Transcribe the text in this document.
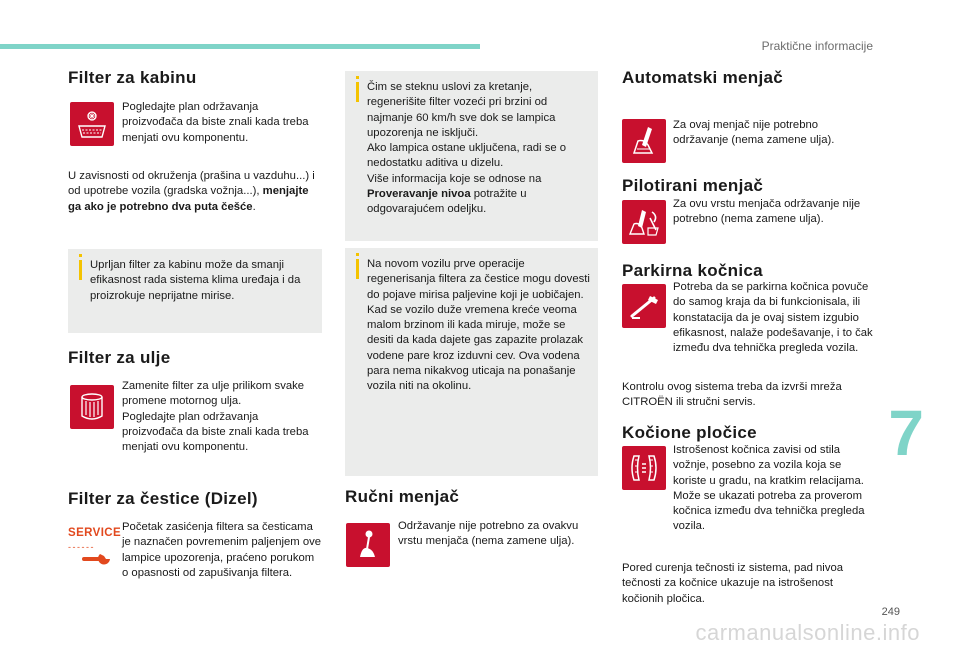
Praktične informacije
Filter za kabinu
Pogledajte plan održavanja proizvođača da biste znali kada treba menjati ovu komponentu.
U zavisnosti od okruženja (prašina u vazduhu...) i od upotrebe vozila (gradska vožnja...), menjajte ga ako je potrebno dva puta češće.
Uprljan filter za kabinu može da smanji efikasnost rada sistema klima uređaja i da proizrokuje neprijatne mirise.
Filter za ulje
Zamenite filter za ulje prilikom svake promene motornog ulja.
Pogledajte plan održavanja proizvođača da biste znali kada treba menjati ovu komponentu.
Filter za čestice (Dizel)
SERVICE
------
Početak zasićenja filtera sa česticama je naznačen povremenim paljenjem ove lampice upozorenja, praćeno porukom o opasnosti od zapušivanja filtera.
Čim se steknu uslovi za kretanje, regenerišite filter vozeći pri brzini od najmanje 60 km/h sve dok se lampica upozorenja ne isključi.
Ako lampica ostane uključena, radi se o nedostatku aditiva u dizelu.
Više informacija koje se odnose na Proveravanje nivoa potražite u odgovarajućem odeljku.
Na novom vozilu prve operacije regenerisanja filtera za čestice mogu dovesti do pojave mirisa paljevine koji je uobičajen.
Kad se vozilo duže vremena kreće veoma malom brzinom ili kada miruje, može se desiti da kada dajete gas zapazite prolazak vodene pare kroz izduvni cev. Ova vodena para nema nikakvog uticaja na ponašanje vozila niti na okolinu.
Ručni menjač
Održavanje nije potrebno za ovakvu vrstu menjača (nema zamene ulja).
Automatski menjač
Za ovaj menjač nije potrebno održavanje (nema zamene ulja).
Pilotirani menjač
Za ovu vrstu menjača održavanje nije potrebno (nema zamene ulja).
Parkirna kočnica
Potreba da se parkirna kočnica povuče do samog kraja da bi funkcionisala, ili konstatacija da je ovaj sistem izgubio efikasnost, nalaže podešavanje, i to čak između dva tehnička pregleda vozila.
Kontrolu ovog sistema treba da izvrši mreža CITROËN ili stručni servis.
Kočione pločice
Istrošenost kočnica zavisi od stila vožnje, posebno za vozila koja se koriste u gradu, na kratkim relacijama. Može se ukazati potreba za proverom kočnica između dva tehnička pregleda vozila.
Pored curenja tečnosti iz sistema, pad nivoa tečnosti za kočnice ukazuje na istrošenost kočionih pločica.
7
249
carmanualsonline.info
